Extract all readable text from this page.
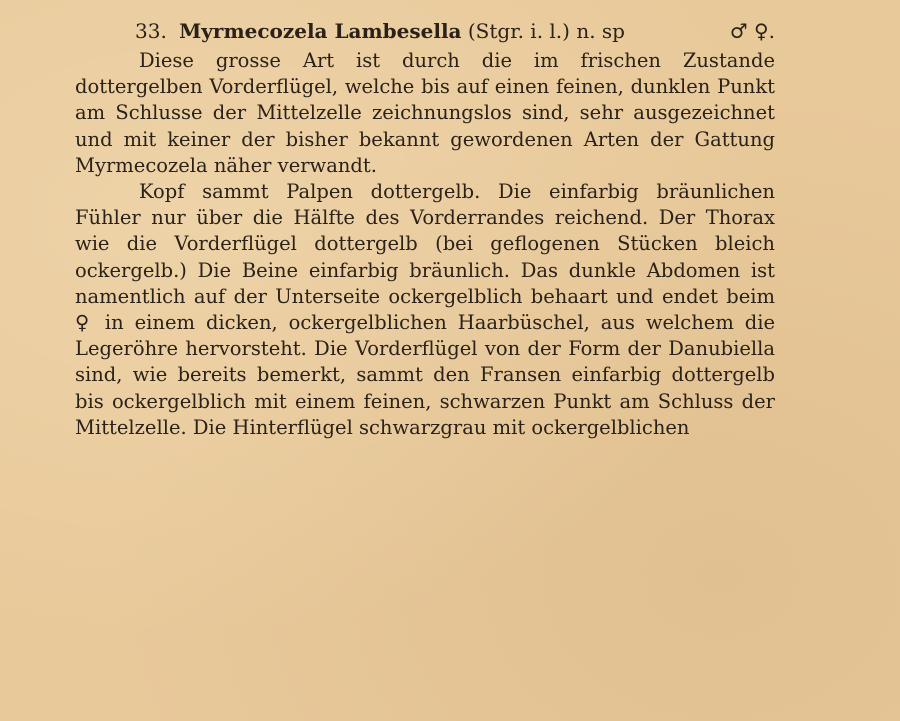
33. Myrmecozela Lambesella (Stgr. i. l.) n. sp	♂ ♀.

Diese grosse Art ist durch die im frischen Zustande dottergelben Vorderflügel, welche bis auf einen feinen, dunklen Punkt am Schlusse der Mittelzelle zeichnungslos sind, sehr ausgezeichnet und mit keiner der bisher bekannt gewordenen Arten der Gattung Myrmecozela näher verwandt.

Kopf sammt Palpen dottergelb. Die einfarbig bräunlichen Fühler nur über die Hälfte des Vorderrandes reichend. Der Thorax wie die Vorderflügel dottergelb (bei geflogenen Stücken bleich ockergelb.) Die Beine einfarbig bräunlich. Das dunkle Abdomen ist namentlich auf der Unterseite ockergelblich behaart und endet beim ♀ in einem dicken, ockergelblichen Haarbüschel, aus welchem die Legeröhre hervorsteht. Die Vorderflügel von der Form der Danubiella sind, wie bereits bemerkt, sammt den Fransen einfarbig dottergelb bis ockergelblich mit einem feinen, schwarzen Punkt am Schluss der Mittelzelle. Die Hinterflügel schwarzgrau mit ockergelblichen
